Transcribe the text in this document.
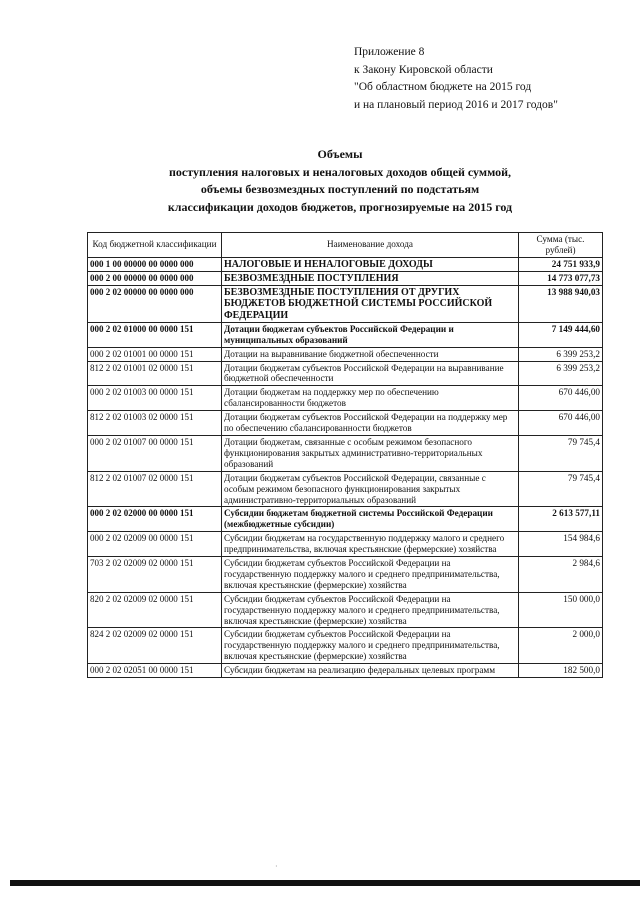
Приложение 8
к Закону Кировской области
"Об областном бюджете на 2015 год
и на плановый период 2016 и 2017 годов"
Объемы
поступления налоговых и неналоговых доходов общей суммой,
объемы безвозмездных поступлений по подстатьям
классификации доходов бюджетов, прогнозируемые на 2015 год
Код бюджетной классификации	Наименование дохода	Сумма (тыс. рублей)
000 1 00 00000 00 0000 000	НАЛОГОВЫЕ И НЕНАЛОГОВЫЕ ДОХОДЫ	24 751 933,9
000 2 00 00000 00 0000 000	БЕЗВОЗМЕЗДНЫЕ ПОСТУПЛЕНИЯ	14 773 077,73
000 2 02 00000 00 0000 000	БЕЗВОЗМЕЗДНЫЕ ПОСТУПЛЕНИЯ ОТ ДРУГИХ БЮДЖЕТОВ БЮДЖЕТНОЙ СИСТЕМЫ РОССИЙСКОЙ ФЕДЕРАЦИИ	13 988 940,03
000 2 02 01000 00 0000 151	Дотации бюджетам субъектов Российской Федерации и муниципальных образований	7 149 444,60
000 2 02 01001 00 0000 151	Дотации на выравнивание бюджетной обеспеченности	6 399 253,2
812 2 02 01001 02 0000 151	Дотации бюджетам субъектов Российской Федерации на выравнивание бюджетной обеспеченности	6 399 253,2
000 2 02 01003 00 0000 151	Дотации бюджетам на поддержку мер по обеспечению сбалансированности бюджетов	670 446,00
812 2 02 01003 02 0000 151	Дотации бюджетам субъектов Российской Федерации на поддержку мер по обеспечению сбалансированности бюджетов	670 446,00
000 2 02 01007 00 0000 151	Дотации бюджетам, связанные с особым режимом безопасного функционирования закрытых административно-территориальных образований	79 745,4
812 2 02 01007 02 0000 151	Дотации бюджетам субъектов Российской Федерации, связанные с особым режимом безопасного функционирования закрытых административно-территориальных образований	79 745,4
000 2 02 02000 00 0000 151	Субсидии бюджетам бюджетной системы Российской Федерации (межбюджетные субсидии)	2 613 577,11
000 2 02 02009 00 0000 151	Субсидии бюджетам на государственную поддержку малого и среднего предпринимательства, включая крестьянские (фермерские) хозяйства	154 984,6
703 2 02 02009 02 0000 151	Субсидии бюджетам субъектов Российской Федерации на государственную поддержку малого и среднего предпринимательства, включая крестьянские (фермерские) хозяйства	2 984,6
820 2 02 02009 02 0000 151	Субсидии бюджетам субъектов Российской Федерации на государственную поддержку малого и среднего предпринимательства, включая крестьянские (фермерские) хозяйства	150 000,0
824 2 02 02009 02 0000 151	Субсидии бюджетам субъектов Российской Федерации на государственную поддержку малого и среднего предпринимательства, включая крестьянские (фермерские) хозяйства	2 000,0
000 2 02 02051 00 0000 151	Субсидии бюджетам на реализацию федеральных целевых программ	182 500,0
·
